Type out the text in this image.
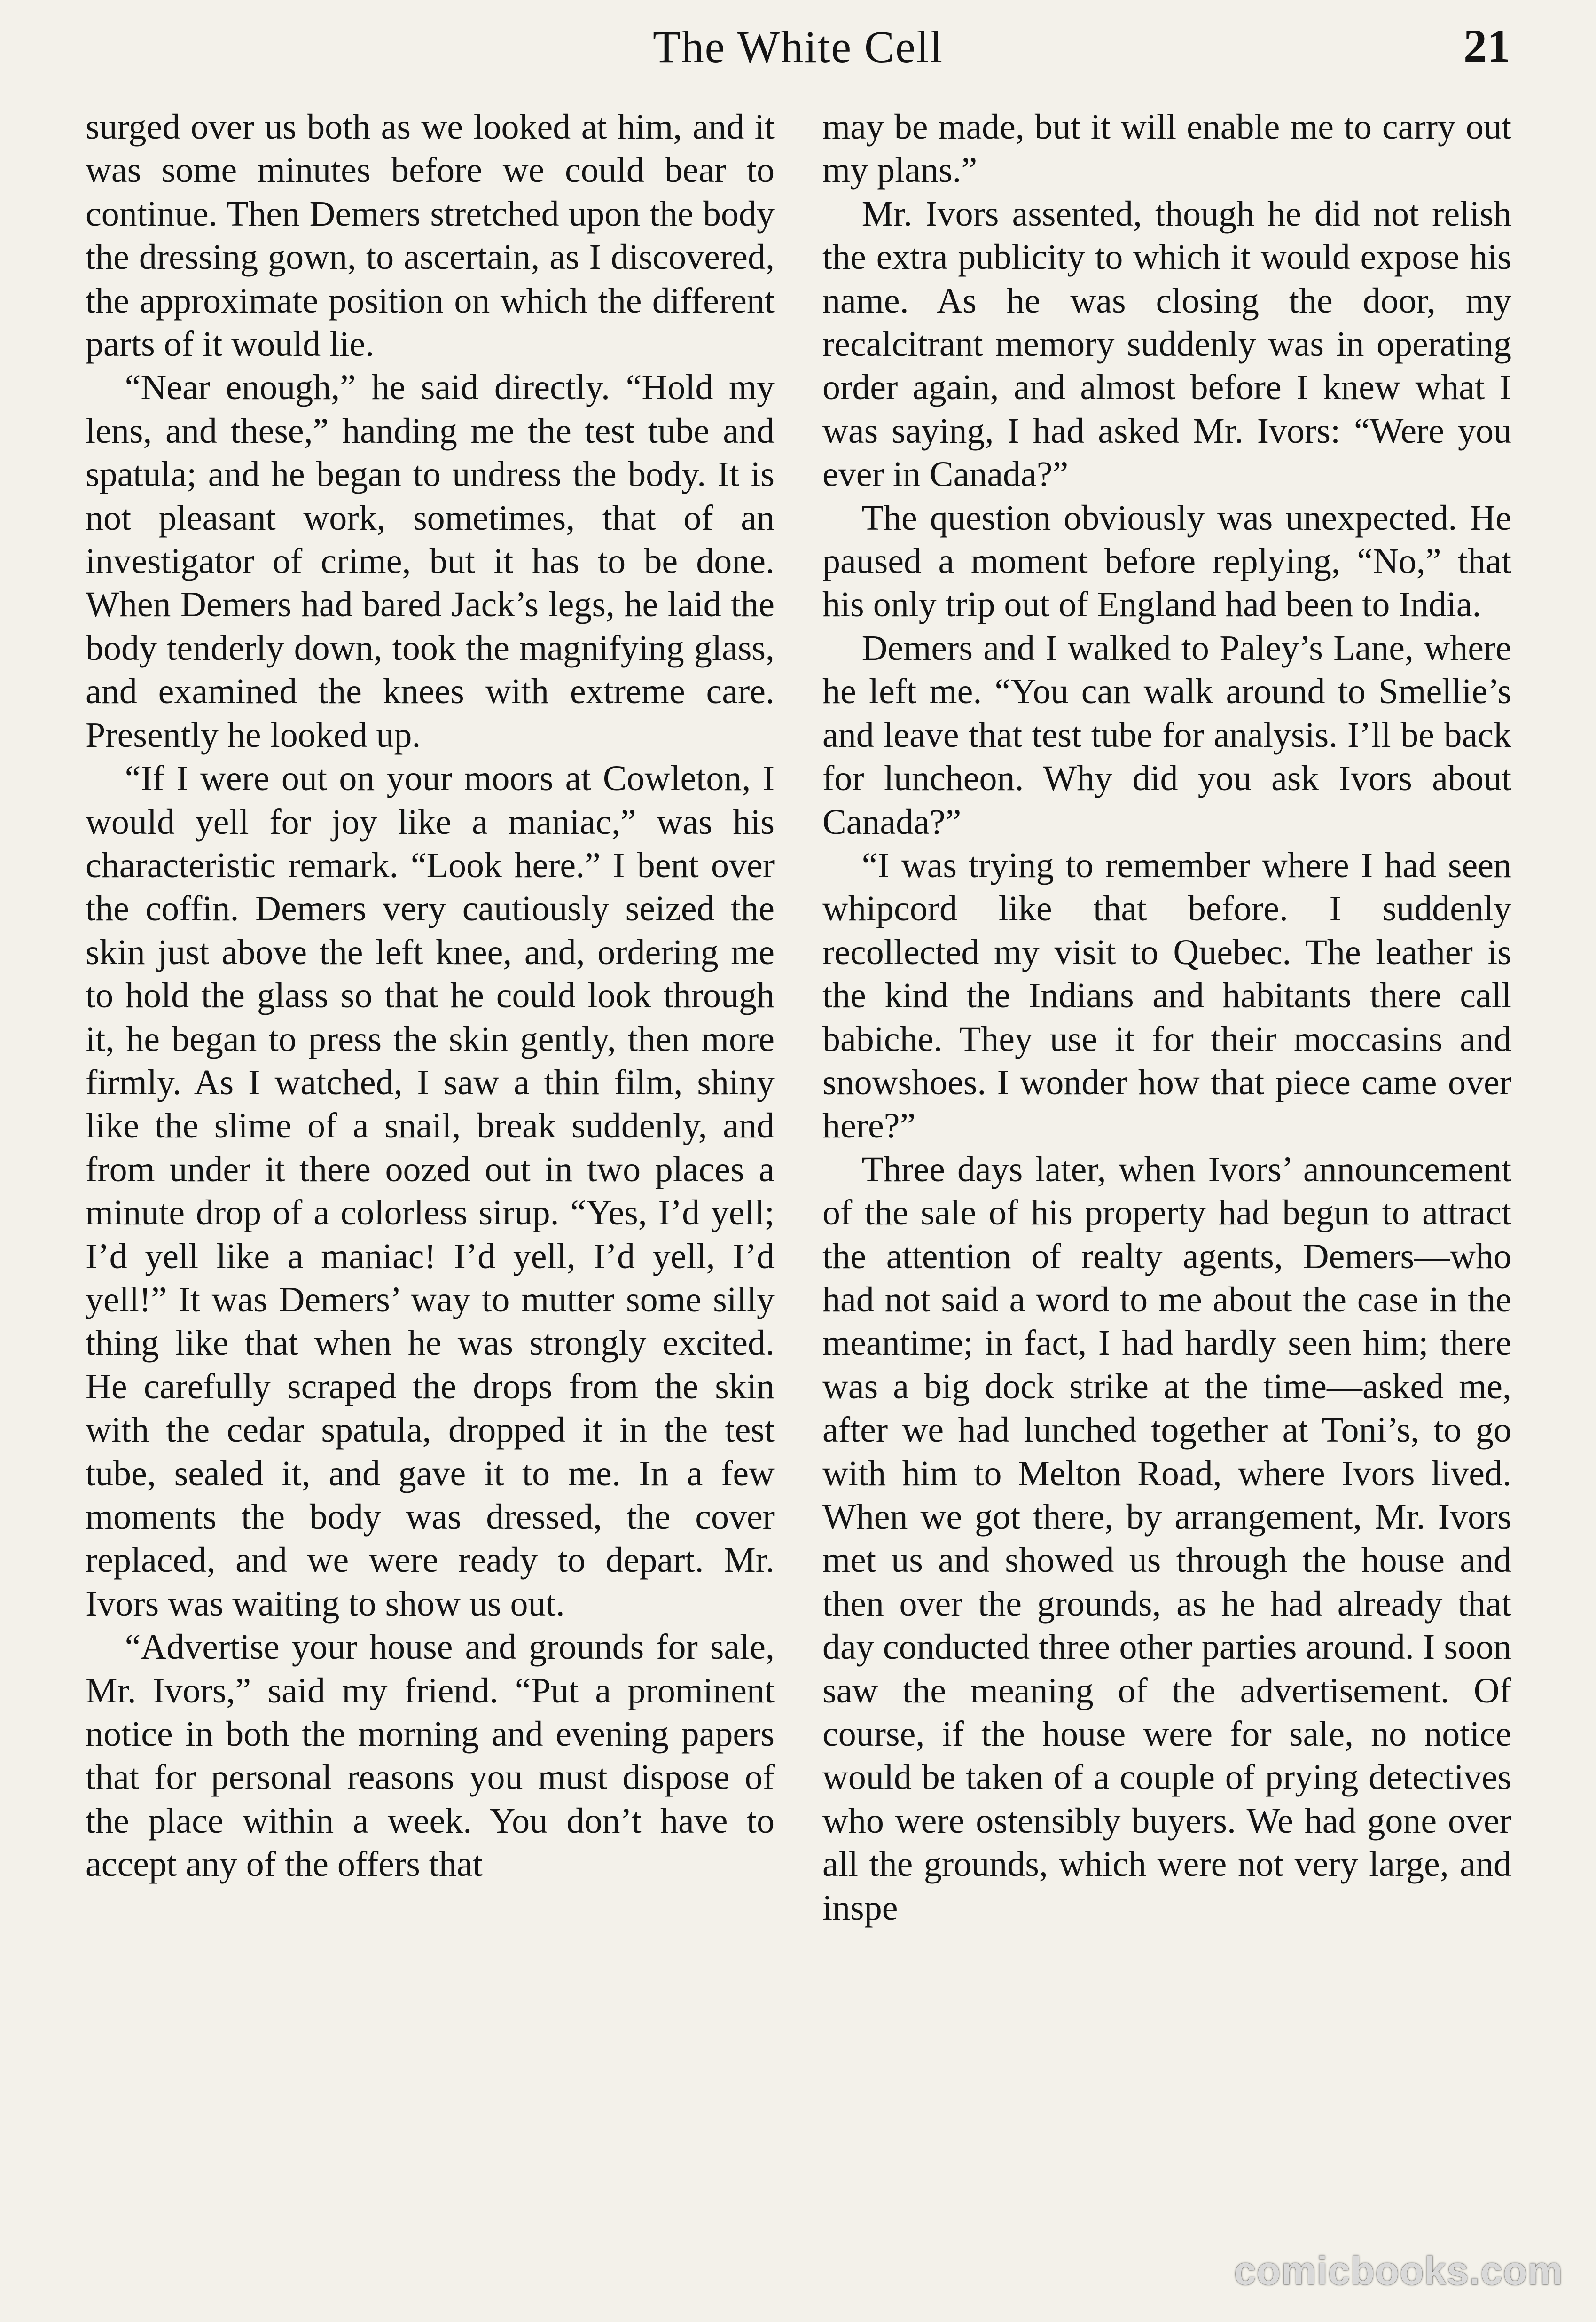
The White Cell	21

surged over us both as we looked at him, and it was some minutes before we could bear to continue. Then Demers stretched upon the body the dressing gown, to ascertain, as I discovered, the approximate position on which the different parts of it would lie.

“Near enough,” he said directly. “Hold my lens, and these,” handing me the test tube and spatula; and he began to undress the body. It is not pleasant work, sometimes, that of an investigator of crime, but it has to be done. When Demers had bared Jack’s legs, he laid the body tenderly down, took the magnifying glass, and examined the knees with extreme care. Presently he looked up.

“If I were out on your moors at Cowleton, I would yell for joy like a maniac,” was his characteristic remark. “Look here.” I bent over the coffin. Demers very cautiously seized the skin just above the left knee, and, ordering me to hold the glass so that he could look through it, he began to press the skin gently, then more firmly. As I watched, I saw a thin film, shiny like the slime of a snail, break suddenly, and from under it there oozed out in two places a minute drop of a colorless sirup. “Yes, I’d yell; I’d yell like a maniac! I’d yell, I’d yell, I’d yell!” It was Demers’ way to mutter some silly thing like that when he was strongly excited. He carefully scraped the drops from the skin with the cedar spatula, dropped it in the test tube, sealed it, and gave it to me. In a few moments the body was dressed, the cover replaced, and we were ready to depart. Mr. Ivors was waiting to show us out.

“Advertise your house and grounds for sale, Mr. Ivors,” said my friend. “Put a prominent notice in both the morning and evening papers that for personal reasons you must dispose of the place within a week. You don’t have to accept any of the offers that

may be made, but it will enable me to carry out my plans.”

Mr. Ivors assented, though he did not relish the extra publicity to which it would expose his name. As he was closing the door, my recalcitrant memory suddenly was in operating order again, and almost before I knew what I was saying, I had asked Mr. Ivors: “Were you ever in Canada?”

The question obviously was unexpected. He paused a moment before replying, “No,” that his only trip out of England had been to India.

Demers and I walked to Paley’s Lane, where he left me. “You can walk around to Smellie’s and leave that test tube for analysis. I’ll be back for luncheon. Why did you ask Ivors about Canada?”

“I was trying to remember where I had seen whipcord like that before. I suddenly recollected my visit to Quebec. The leather is the kind the Indians and habitants there call babiche. They use it for their moccasins and snowshoes. I wonder how that piece came over here?”

Three days later, when Ivors’ announcement of the sale of his property had begun to attract the attention of realty agents, Demers—who had not said a word to me about the case in the meantime; in fact, I had hardly seen him; there was a big dock strike at the time—asked me, after we had lunched together at Toni’s, to go with him to Melton Road, where Ivors lived. When we got there, by arrangement, Mr. Ivors met us and showed us through the house and then over the grounds, as he had already that day conducted three other parties around. I soon saw the meaning of the advertisement. Of course, if the house were for sale, no notice would be taken of a couple of prying detectives who were ostensibly buyers. We had gone over all the grounds, which were not very large, and inspe

comicbooks.com
